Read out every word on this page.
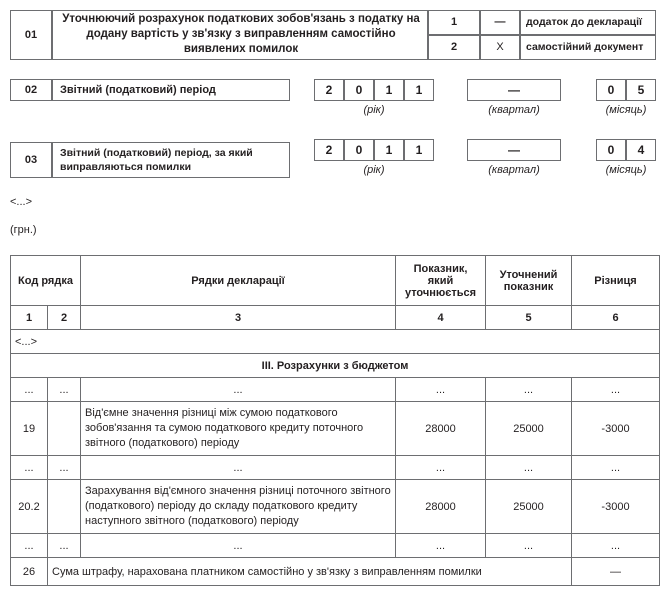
01
Уточнюючий розрахунок податкових зобов'язань з податку на додану вартість у зв'язку з виправленням самостійно виявлених помилок
1	—	додаток до декларації
2	Х	самостійний документ
02	Звітний (податковий) період	2	0	1	1
(рік)
—
(квартал)
0	5
(місяць)
03
Звітний (податковий) період, за який виправляються помилки
2	0	1	1
(рік)
—
(квартал)
0	4
(місяць)
<...>
(грн.)
Код рядка		Рядки декларації	Показник, який уточнюється	Уточнений показник	Різниця
1	2	3	4	5	6
<...>					
III. Розрахунки з бюджетом					
...	...	...	...	...	...
19		Від'ємне значення різниці між сумою податкового зобов'язання та сумою податкового кредиту поточного звітного (податкового) періоду	28000	25000	-3000
...	...	...	...	...	...
20.2		Зарахування від'ємного значення різниці поточного звітного (податкового) періоду до складу податкового кредиту наступного звітного (податкового) періоду	28000	25000	-3000
...	...	...	...	...	...
26	Сума штрафу, нарахована платником самостійно у зв'язку з виправленням помилки				—
